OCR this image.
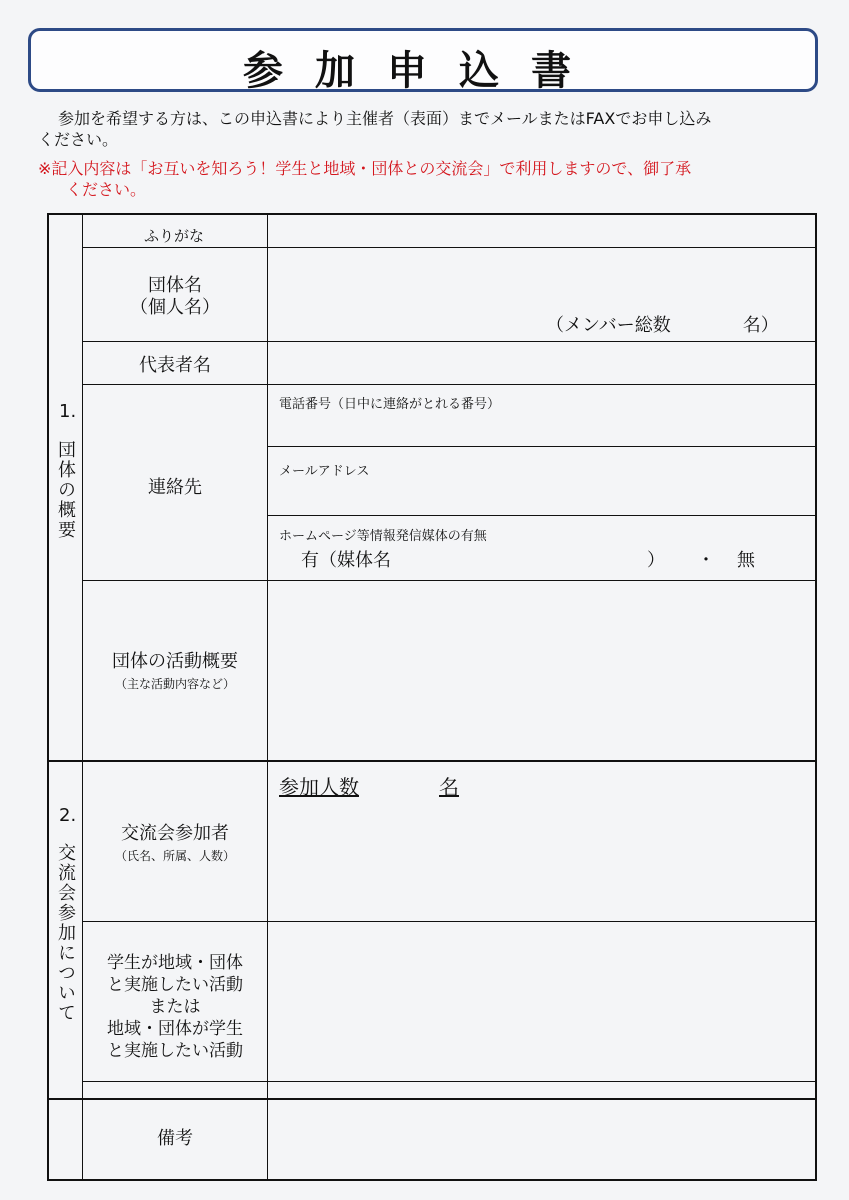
参加申込書
参加を希望する方は、この申込書により主催者（表面）までメールまたはFAXでお申し込み
ください。
※記入内容は「お互いを知ろう！学生と地域・団体との交流会」で利用しますので、御了承
ください。
1.
団体の概要
ふりがな
団体名
（個人名）
（メンバー総数　　　　名）
代表者名
連絡先
電話番号（日中に連絡がとれる番号）
メールアドレス
ホームページ等情報発信媒体の有無
有（媒体名	） ・ 無
団体の活動概要
（主な活動内容など）
2.
交流会参加について
参加人数	名
交流会参加者
（氏名、所属、人数）
学生が地域・団体
と実施したい活動
または
地域・団体が学生
と実施したい活動
備考
